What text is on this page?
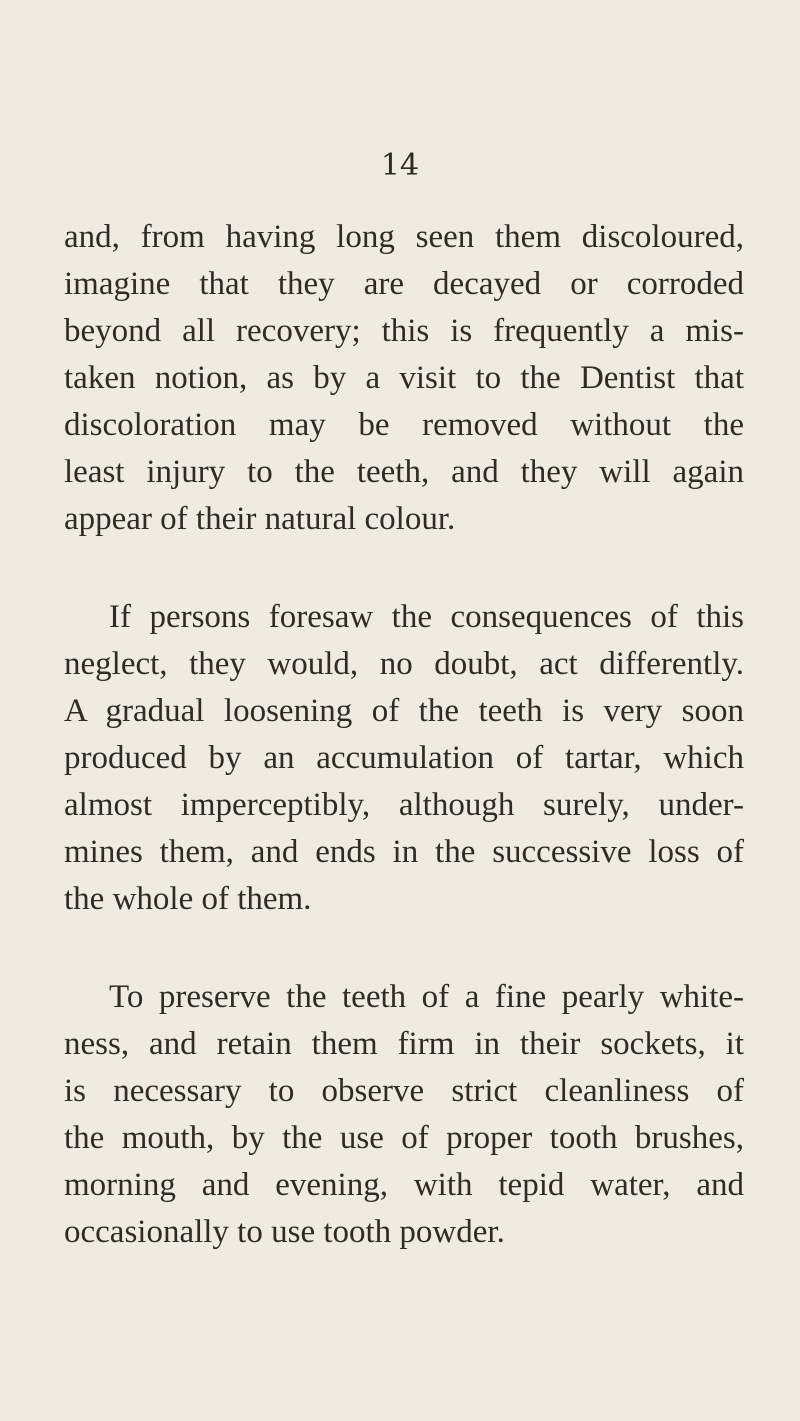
14
and, from having long seen them discoloured,
imagine that they are decayed or corroded
beyond all recovery; this is frequently a mis-
taken notion, as by a visit to the Dentist that
discoloration may be removed without the
least injury to the teeth, and they will again
appear of their natural colour.
If persons foresaw the consequences of this
neglect, they would, no doubt, act differently.
A gradual loosening of the teeth is very soon
produced by an accumulation of tartar, which
almost imperceptibly, although surely, under-
mines them, and ends in the successive loss of
the whole of them.
To preserve the teeth of a fine pearly white-
ness, and retain them firm in their sockets, it
is necessary to observe strict cleanliness of
the mouth, by the use of proper tooth brushes,
morning and evening, with tepid water, and
occasionally to use tooth powder.
